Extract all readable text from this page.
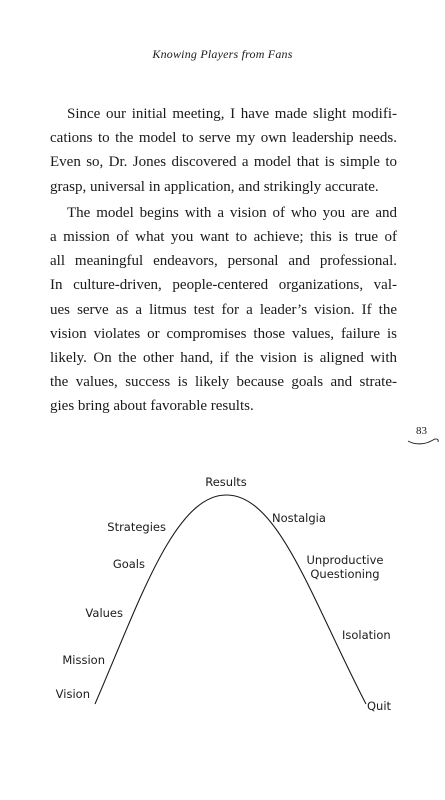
Knowing Players from Fans
Since our initial meeting, I have made slight modifi-
cations to the model to serve my own leadership needs.
Even so, Dr. Jones discovered a model that is simple to
grasp, universal in application, and strikingly accurate.
The model begins with a vision of who you are and
a mission of what you want to achieve; this is true of
all meaningful endeavors, personal and professional.
In culture-driven, people-centered organizations, val-
ues serve as a litmus test for a leader’s vision. If the
vision violates or compromises those values, failure is
likely. On the other hand, if the vision is aligned with
the values, success is likely because goals and strate-
gies bring about favorable results.
83
Results
Vision
Mission
Values
Goals
Strategies
Nostalgia
Unproductive
Questioning
Isolation
Quit
